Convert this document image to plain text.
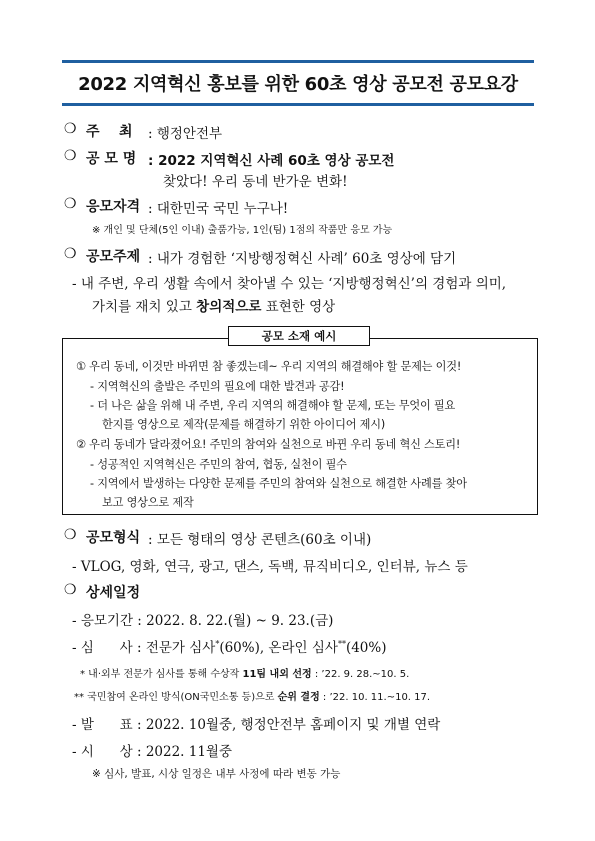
2022 지역혁신 홍보를 위한 60초 영상 공모전 공모요강
❍ 주    최 : 행정안전부
❍ 공 모 명 : 2022 지역혁신 사례 60초 영상 공모전
찾았다! 우리 동네 반가운 변화!
❍ 응모자격 : 대한민국 국민 누구나!
※ 개인 및 단체(5인 이내) 출품가능, 1인(팀) 1점의 작품만 응모 가능
❍ 공모주제 : 내가 경험한 ‘지방행정혁신 사례’ 60초 영상에 담기
- 내 주변, 우리 생활 속에서 찾아낼 수 있는 ‘지방행정혁신’의 경험과 의미,
가치를 재치 있고 창의적으로 표현한 영상
공모 소재 예시
① 우리 동네, 이것만 바뀌면 참 좋겠는데~ 우리 지역의 해결해야 할 문제는 이것!
- 지역혁신의 출발은 주민의 필요에 대한 발견과 공감!
- 더 나은 삶을 위해 내 주변, 우리 지역의 해결해야 할 문제, 또는 무엇이 필요
한지를 영상으로 제작(문제를 해결하기 위한 아이디어 제시)
② 우리 동네가 달라졌어요! 주민의 참여와 실천으로 바뀐 우리 동네 혁신 스토리!
- 성공적인 지역혁신은 주민의 참여, 협동, 실천이 필수
- 지역에서 발생하는 다양한 문제를 주민의 참여와 실천으로 해결한 사례를 찾아
보고 영상으로 제작
❍ 공모형식 : 모든 형태의 영상 콘텐츠(60초 이내)
- VLOG, 영화, 연극, 광고, 댄스, 독백, 뮤직비디오, 인터뷰, 뉴스 등
❍ 상세일정
- 응모기간 : 2022. 8. 22.(월) ~ 9. 23.(금)
- 심      사 : 전문가 심사*(60%), 온라인 심사**(40%)
* 내·외부 전문가 심사를 통해 수상작 11팀 내외 선정 : ’22. 9. 28.~10. 5.
** 국민참여 온라인 방식(ON국민소통 등)으로 순위 결정 : ’22. 10. 11.~10. 17.
- 발      표 : 2022. 10월중, 행정안전부 홈페이지 및 개별 연락
- 시      상 : 2022. 11월중
※ 심사, 발표, 시상 일정은 내부 사정에 따라 변동 가능
